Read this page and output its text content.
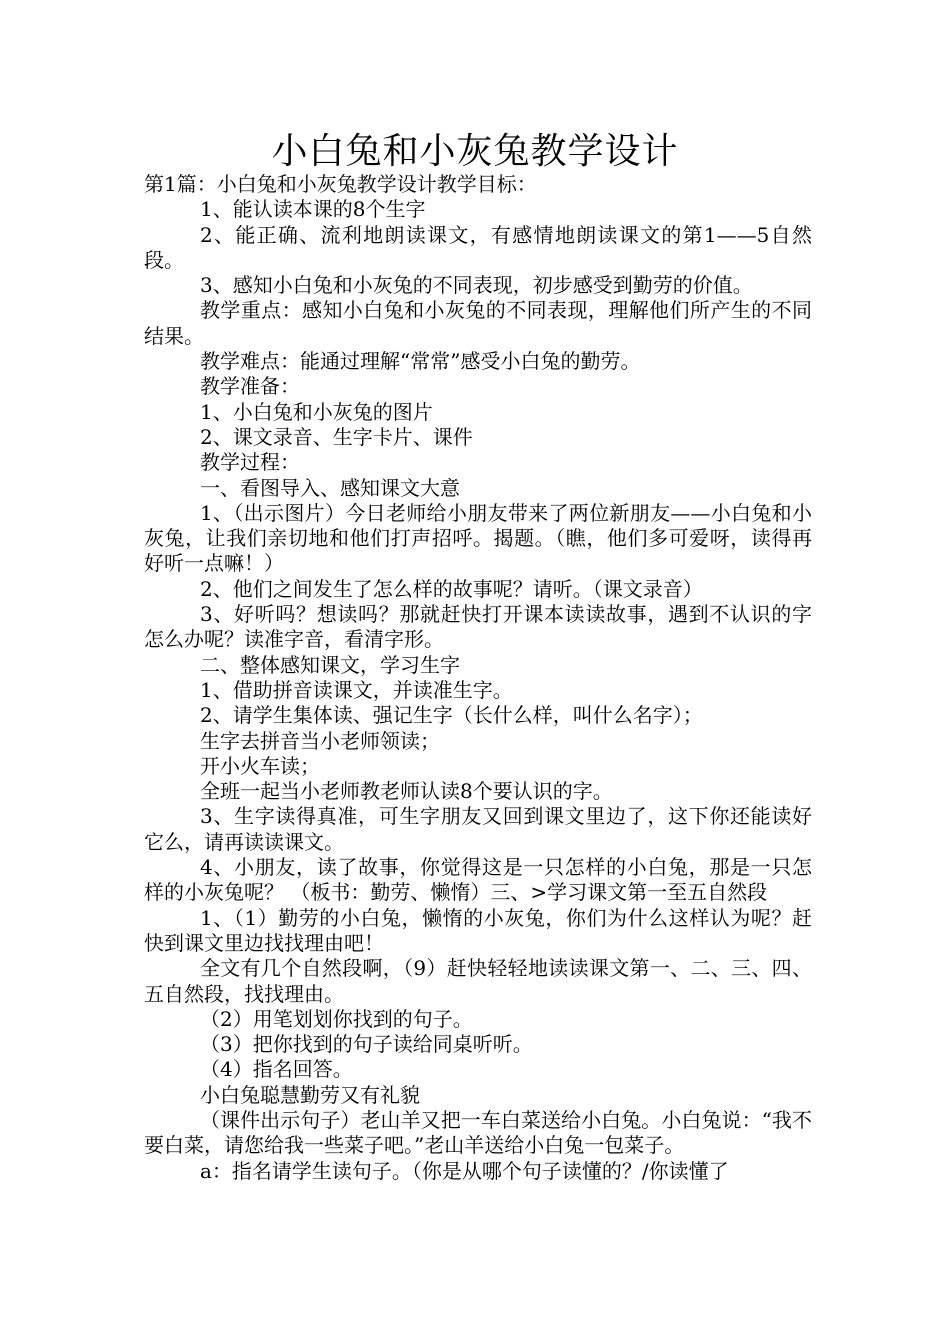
小白兔和小灰兔教学设计

第1篇：小白兔和小灰兔教学设计教学目标：

1、能认读本课的8个生字

2、能正确、流利地朗读课文，有感情地朗读课文的第1——5自然段。

3、感知小白兔和小灰兔的不同表现，初步感受到勤劳的价值。

教学重点：感知小白兔和小灰兔的不同表现，理解他们所产生的不同结果。

教学难点：能通过理解“常常”感受小白兔的勤劳。

教学准备：

1、小白兔和小灰兔的图片

2、课文录音、生字卡片、课件

教学过程：

一、看图导入、感知课文大意

1、（出示图片）今日老师给小朋友带来了两位新朋友——小白兔和小灰兔，让我们亲切地和他们打声招呼。揭题。（瞧，他们多可爱呀，读得再好听一点嘛！）

2、他们之间发生了怎么样的故事呢？请听。（课文录音）

3、好听吗？想读吗？那就赶快打开课本读读故事，遇到不认识的字怎么办呢？读准字音，看清字形。

二、整体感知课文，学习生字

1、借助拼音读课文，并读准生字。

2、请学生集体读、强记生字（长什么样，叫什么名字）；

生字去拼音当小老师领读；

开小火车读；

全班一起当小老师教老师认读8个要认识的字。

3、生字读得真准，可生字朋友又回到课文里边了，这下你还能读好它么，请再读读课文。

4、小朋友，读了故事，你觉得这是一只怎样的小白兔，那是一只怎样的小灰兔呢？ （板书：勤劳、懒惰）三、>学习课文第一至五自然段

1、（1）勤劳的小白兔，懒惰的小灰兔，你们为什么这样认为呢？赶快到课文里边找找理由吧！

全文有几个自然段啊，（9）赶快轻轻地读读课文第一、二、三、四、五自然段，找找理由。

（2）用笔划划你找到的句子。

（3）把你找到的句子读给同桌听听。

（4）指名回答。

小白兔聪慧勤劳又有礼貌

（课件出示句子）老山羊又把一车白菜送给小白兔。小白兔说：“我不要白菜，请您给我一些菜子吧。”老山羊送给小白兔一包菜子。

a：指名请学生读句子。（你是从哪个句子读懂的？/你读懂了
